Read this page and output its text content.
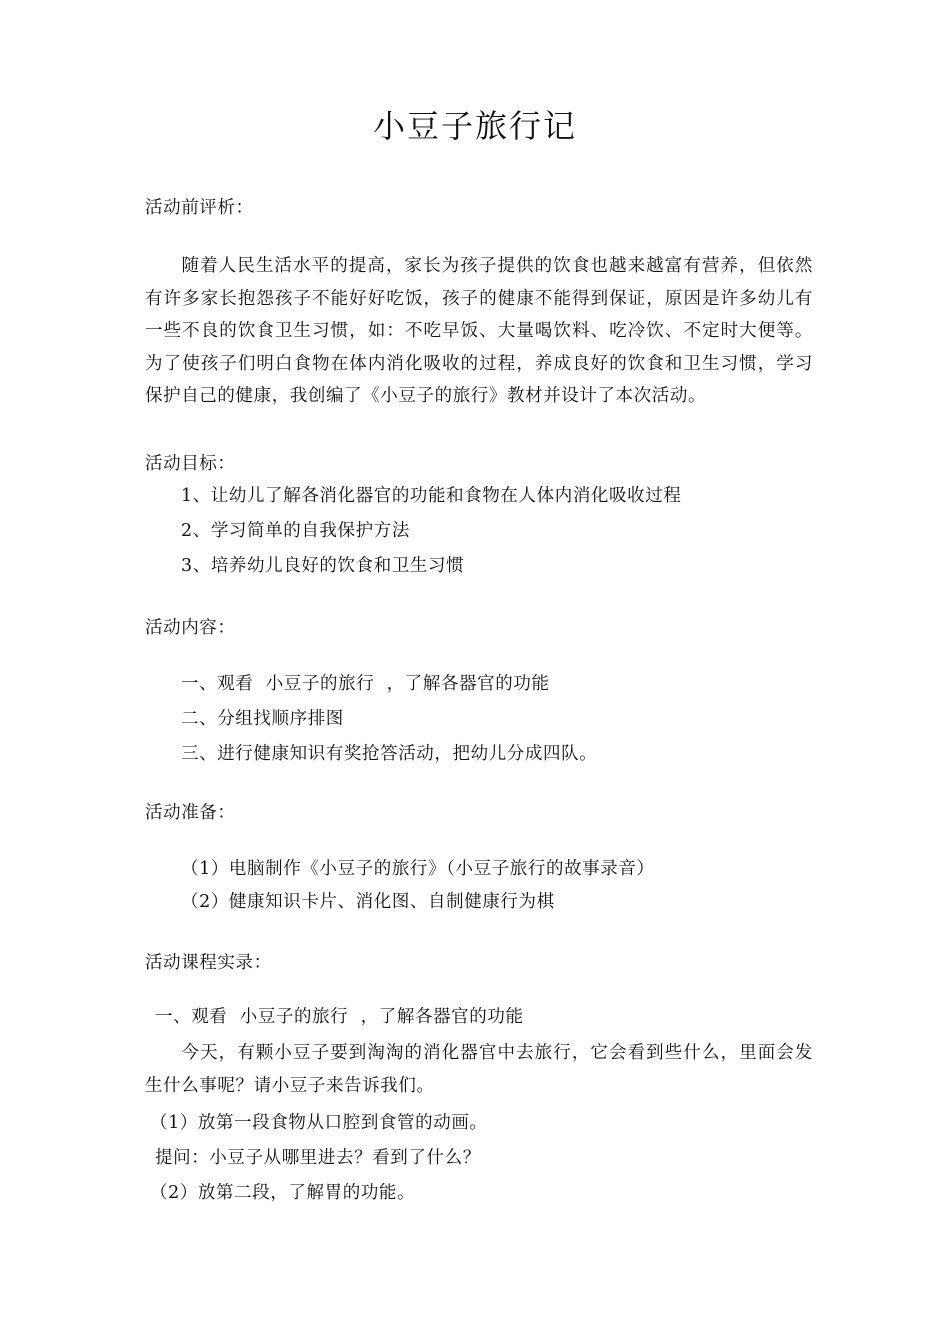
小豆子旅行记
活动前评析：
随着人民生活水平的提高，家长为孩子提供的饮食也越来越富有营养，但依然有许多家长抱怨孩子不能好好吃饭，孩子的健康不能得到保证，原因是许多幼儿有一些不良的饮食卫生习惯，如：不吃早饭、大量喝饮料、吃冷饮、不定时大便等。为了使孩子们明白食物在体内消化吸收的过程，养成良好的饮食和卫生习惯，学习保护自己的健康，我创编了《小豆子的旅行》教材并设计了本次活动。
活动目标：
1、让幼儿了解各消化器官的功能和食物在人体内消化吸收过程
2、学习简单的自我保护方法
3、培养幼儿良好的饮食和卫生习惯
活动内容：
一、观看  小豆子的旅行  ，了解各器官的功能
二、分组找顺序排图
三、进行健康知识有奖抢答活动，把幼儿分成四队。
活动准备：
（1）电脑制作《小豆子的旅行》（小豆子旅行的故事录音）
（2）健康知识卡片、消化图、自制健康行为棋
活动课程实录：
一、观看  小豆子的旅行  ，了解各器官的功能
今天，有颗小豆子要到淘淘的消化器官中去旅行，它会看到些什么，里面会发生什么事呢？请小豆子来告诉我们。
（1）放第一段食物从口腔到食管的动画。
提问：小豆子从哪里进去？看到了什么？
（2）放第二段，了解胃的功能。
